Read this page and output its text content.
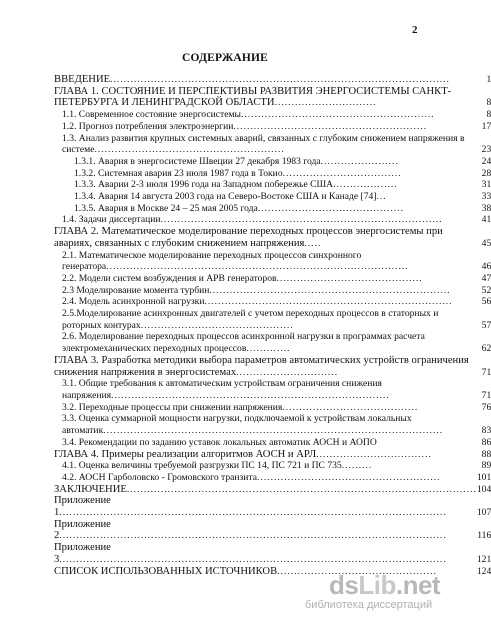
2
СОДЕРЖАНИЕ
ВВЕДЕНИЕ....................................................................................................	1
ГЛАВА 1. СОСТОЯНИЕ И ПЕРСПЕКТИВЫ РАЗВИТИЯ ЭНЕРГОСИСТЕМЫ САНКТ-ПЕТЕРБУРГА И ЛЕНИНГРАДСКОЙ ОБЛАСТИ..............................	8
1.1. Современное состояние энергосистемы.........................................................	8
1.2. Прогноз потребления электроэнергии.........................................................	17
1.3. Анализ развития крупных системных аварий, связанных с глубоким снижением напряжения в системе........................................................	23
1.3.1. Авария в энергосистеме Швеции 27 декабря 1983 года.......................	24
1.3.2. Системная авария 23 июля 1987 года в Токио...................................	28
1.3.3. Аварии 2-3 июля 1996 года на Западном побережье США...................	31
1.3.4. Авария 14 августа 2003 года на Северо-Востоке США и Канаде [74]...	33
1.3.5. Авария в Москве 24 – 25 мая 2005 года...........................................	38
1.4. Задачи диссертации...................................................................................	41
ГЛАВА 2. Математическое моделирование переходных процессов энергосистемы при авариях, связанных с глубоким снижением напряжения.....	45
2.1. Математическое моделирование переходных процессов синхронного генератора.........................................................................................	46
2.2. Модели систем возбуждения и АРВ генераторов...........................................	47
2.3 Моделирование момента турбин.......................................................................	52
2.4. Модель асинхронной нагрузки.........................................................................	56
2.5.Моделирование асинхронных двигателей с учетом переходных процессов в статорных и роторных контурах.............................................	57
2.6. Моделирование переходных процессов асинхронной нагрузки в программах расчета электромеханических переходных процессов.............	62
ГЛАВА 3. Разработка методики выбора параметров автоматических устройств ограничения снижения напряжения в энергосистемах..............................	71
3.1. Общие требования к автоматическим устройствам ограничения снижения напряжения..................................................................................	71
3.2. Переходные процессы при снижении напряжения........................................	76
3.3. Оценка суммарной мощности нагрузки, подключаемой к устройствам локальных автоматик....................................................................................................	83
3.4. Рекомендации по заданию уставок локальных автоматик АОСН и АОПО	86
ГЛАВА 4. Примеры реализации алгоритмов АОСН и АРЛ..................................	88
4.1. Оценка величины требуемой разгрузки ПС 14, ПС 721 и ПС 735.........	89
4.2. АОСН Гарболовско - Громовского транзита......................................................	101
ЗАКЛЮЧЕНИЕ.......................................................................................................	104
Приложение 1..................................................................................................................	107
Приложение 2..................................................................................................................	116
Приложение 3..................................................................................................................	121
СПИСОК ИСПОЛЬЗОВАННЫХ ИСТОЧНИКОВ...............................................	124
dsLib.net
библиотека диссертаций
